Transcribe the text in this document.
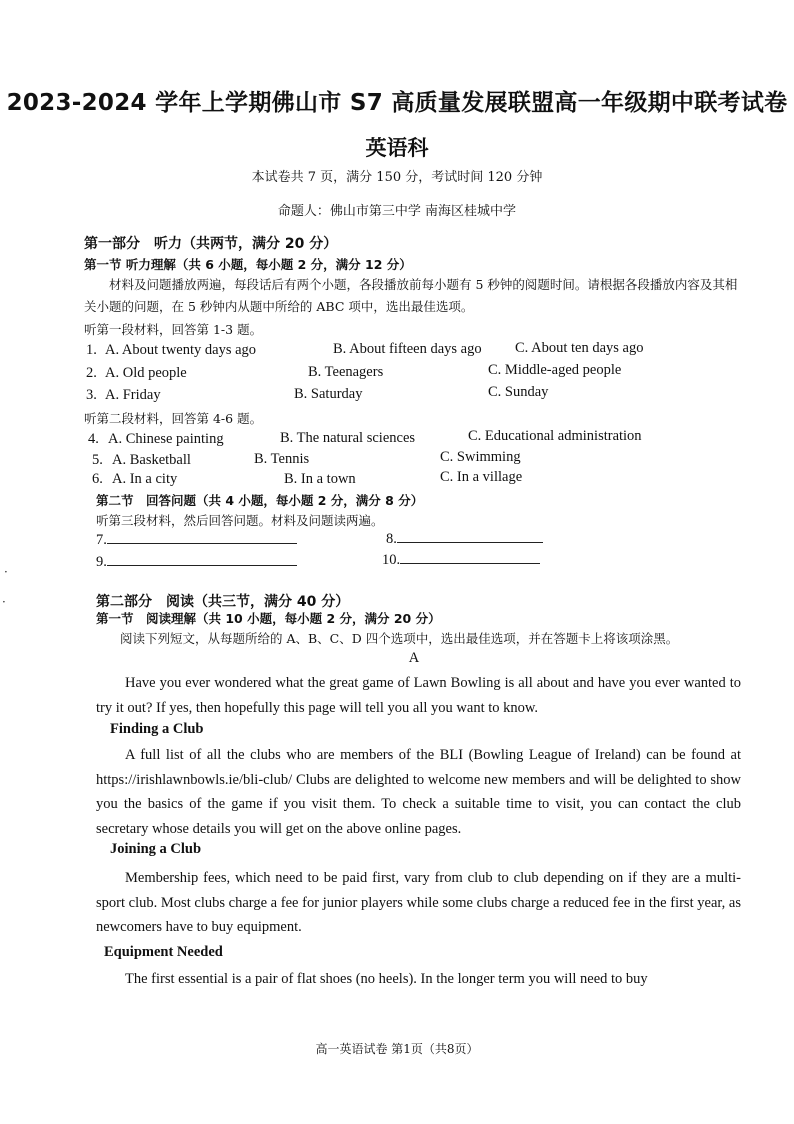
2023-2024 学年上学期佛山市 S7 高质量发展联盟高一年级期中联考试卷
英语科
本试卷共 7 页，满分 150 分，考试时间 120 分钟
命题人：佛山市第三中学 南海区桂城中学
第一部分　听力（共两节，满分 20 分）
第一节 听力理解（共 6 小题，每小题 2 分，满分 12 分）
材料及问题播放两遍，每段话后有两个小题，各段播放前每小题有 5 秒钟的阅题时间。请根据各段播放内容及其相关小题的问题，在 5 秒钟内从题中所给的 ABC 项中，选出最佳选项。
听第一段材料，回答第 1-3 题。
1. A. About twenty days ago	B. About fifteen days ago C. About ten days ago
2. A. Old people	B. Teenagers	C. Middle-aged people
3. A. Friday	B. Saturday	C. Sunday
听第二段材料，回答第 4-6 题。
4. A. Chinese painting	B. The natural sciences	C. Educational administration
5. A. Basketball	B. Tennis	C. Swimming
6. A. In a city	B. In a town	C. In a village
第二节　回答问题（共 4 小题，每小题 2 分，满分 8 分）
听第三段材料，然后回答问题。材料及问题读两遍。
7.	8.
9.	10.
第二部分　阅读（共三节，满分 40 分）
第一节　阅读理解（共 10 小题，每小题 2 分，满分 20 分）
阅读下列短文，从每题所给的 A、B、C、D 四个选项中，选出最佳选项，并在答题卡上将该项涂黑。
A
Have you ever wondered what the great game of Lawn Bowling is all about and have you ever wanted to try it out? If yes, then hopefully this page will tell you all you want to know.
Finding a Club
A full list of all the clubs who are members of the BLI (Bowling League of Ireland) can be found at https://irishlawnbowls.ie/bli-club/ Clubs are delighted to welcome new members and will be delighted to show you the basics of the game if you visit them. To check a suitable time to visit, you can contact the club secretary whose details you will get on the above online pages.
Joining a Club
Membership fees, which need to be paid first, vary from club to club depending on if they are a multi-sport club. Most clubs charge a fee for junior players while some clubs charge a reduced fee in the first year, as newcomers have to buy equipment.
Equipment Needed
The first essential is a pair of flat shoes (no heels). In the longer term you will need to buy
高一英语试卷 第1页（共8页）
·
·
